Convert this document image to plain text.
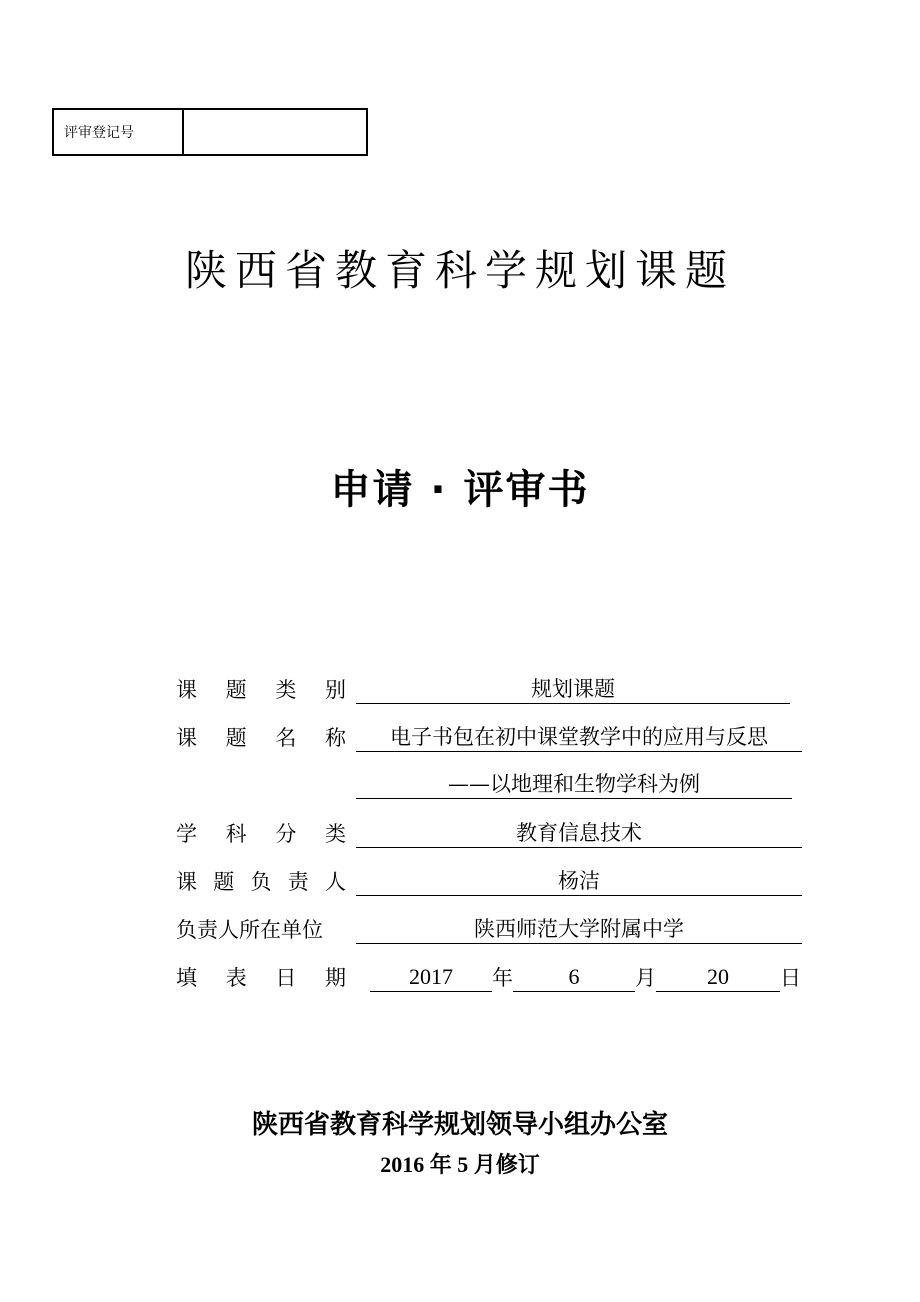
评审登记号
陕西省教育科学规划课题
申请 · 评审书
课 题 类 别	规划课题
课 题 名 称	电子书包在初中课堂教学中的应用与反思
——以地理和生物学科为例
学 科 分 类	教育信息技术
课 题 负 责 人	杨洁
负责人所在单位	陕西师范大学附属中学
填 表 日 期	2017	年	6	月	20	日
陕西省教育科学规划领导小组办公室
2016 年 5 月修订
